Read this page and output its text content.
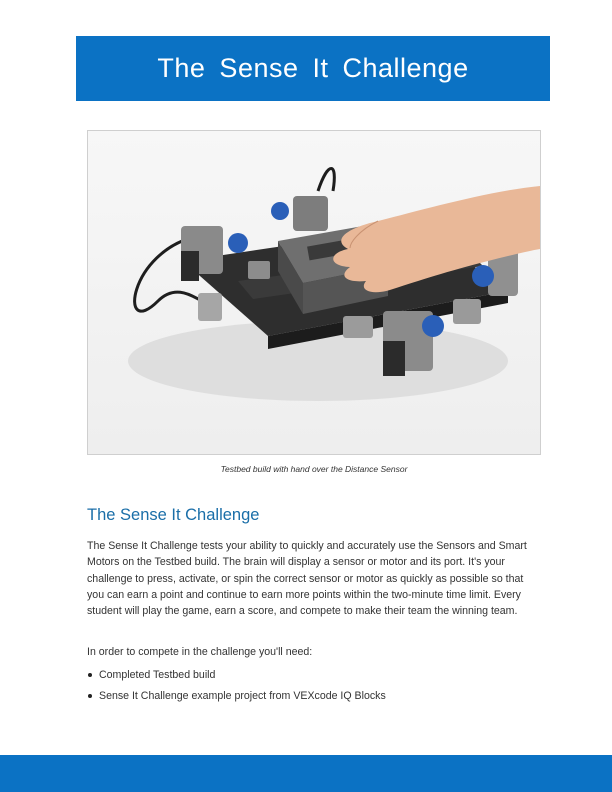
The Sense It Challenge
Testbed build with hand over the Distance Sensor
The Sense It Challenge

The Sense It Challenge tests your ability to quickly and accurately use the Sensors and Smart Motors on the Testbed build. The brain will display a sensor or motor and its port. It's your challenge to press, activate, or spin the correct sensor or motor as quickly as possible so that you can earn a point and continue to earn more points within the two-minute time limit. Every student will play the game, earn a score, and compete to make their team the winning team.

In order to compete in the challenge you'll need:

Completed Testbed build
Sense It Challenge example project from VEXcode IQ Blocks
